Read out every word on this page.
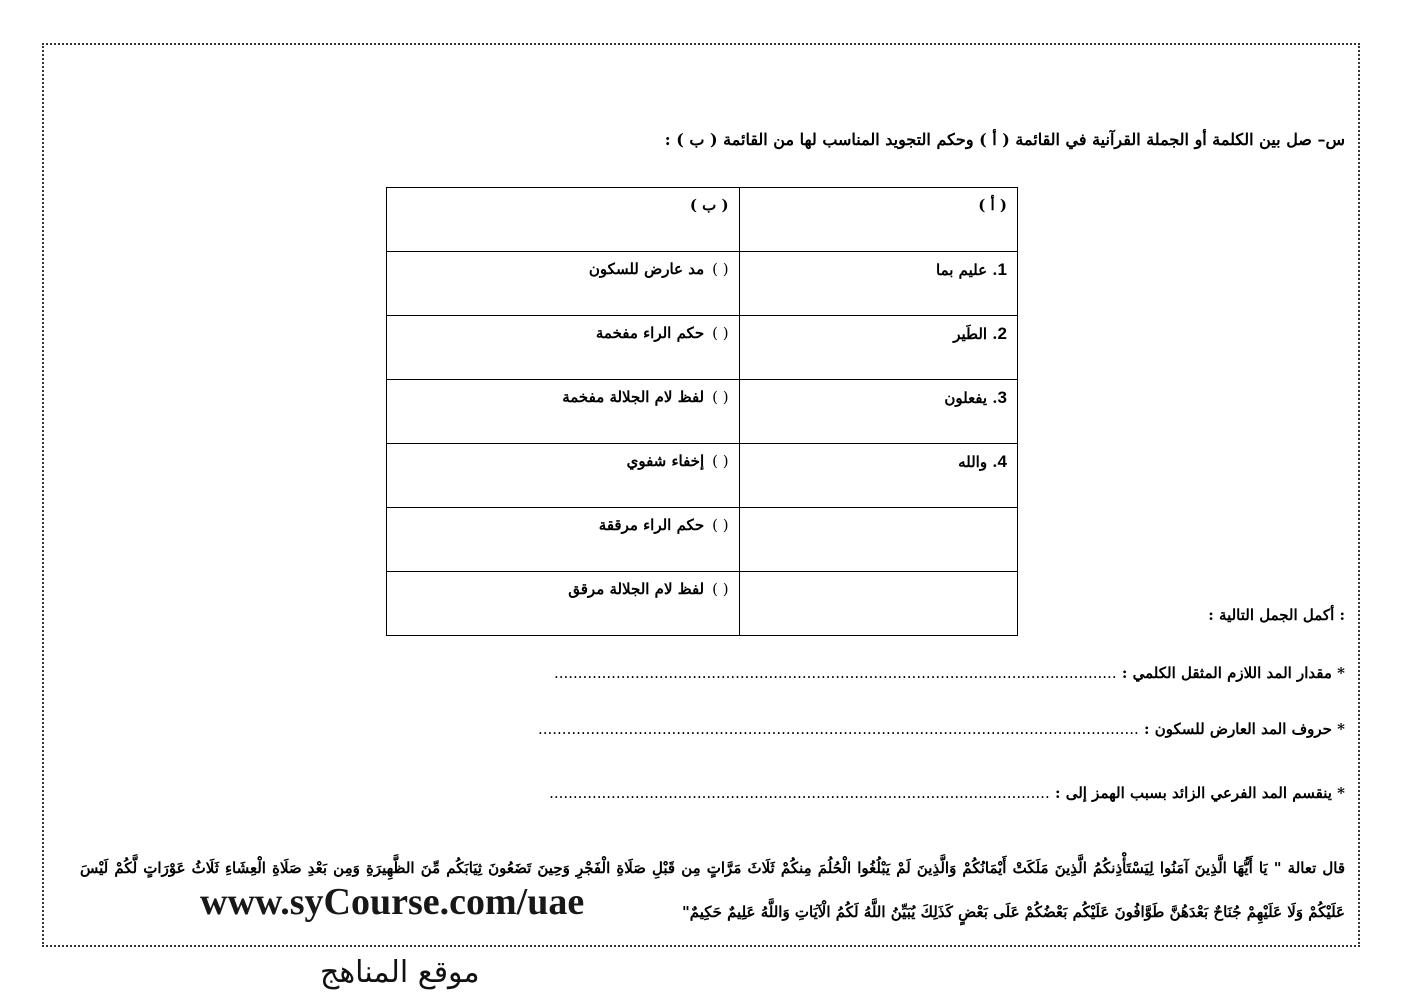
س– صل بين الكلمة أو الجملة القرآنية في القائمة ( أ ) وحكم التجويد المناسب لها من القائمة ( ب ) :
( أ )	( ب )
1. عليم بما	( )مد عارض للسكون
2. الطَير	( )حكم الراء مفخمة
3. يفعلون	( )لفظ لام الجلالة مفخمة
4. والله	( )إخفاء شفوي
	( )حكم الراء مرققة
	( )لفظ لام الجلالة مرقق
: أكمل الجمل التالية :
* مقدار المد اللازم المثقل الكلمي : ......................................................................................................................
* حروف المد العارض للسكون : ..............................................................................................................................
* ينقسم المد الفرعي الزائد بسبب الهمز إلى : .........................................................................................................
قال تعالة " يَا أَيُّهَا الَّذِينَ آمَنُوا لِيَسْتَأْذِنكُمُ الَّذِينَ مَلَكَتْ أَيْمَانُكُمْ وَالَّذِينَ لَمْ يَبْلُغُوا الْحُلُمَ مِنكُمْ ثَلَاثَ مَرَّاتٍ مِن قَبْلِ صَلَاةِ الْفَجْرِ وَحِينَ تَضَعُونَ ثِيَابَكُم مِّنَ الظَّهِيرَةِ وَمِن بَعْدِ صَلَاةِ الْعِشَاءِ ثَلَاثُ عَوْرَاتٍ لَّكُمْ لَيْسَ عَلَيْكُمْ وَلَا عَلَيْهِمْ جُنَاحٌ بَعْدَهُنَّ طَوَّافُونَ عَلَيْكُم بَعْضُكُمْ عَلَى بَعْضٍ كَذَلِكَ يُبَيِّنُ اللَّهُ لَكُمُ الْآيَاتِ وَاللَّهُ عَلِيمٌ حَكِيمٌ"
www.syCourse.com/uae
موقع المناهج
